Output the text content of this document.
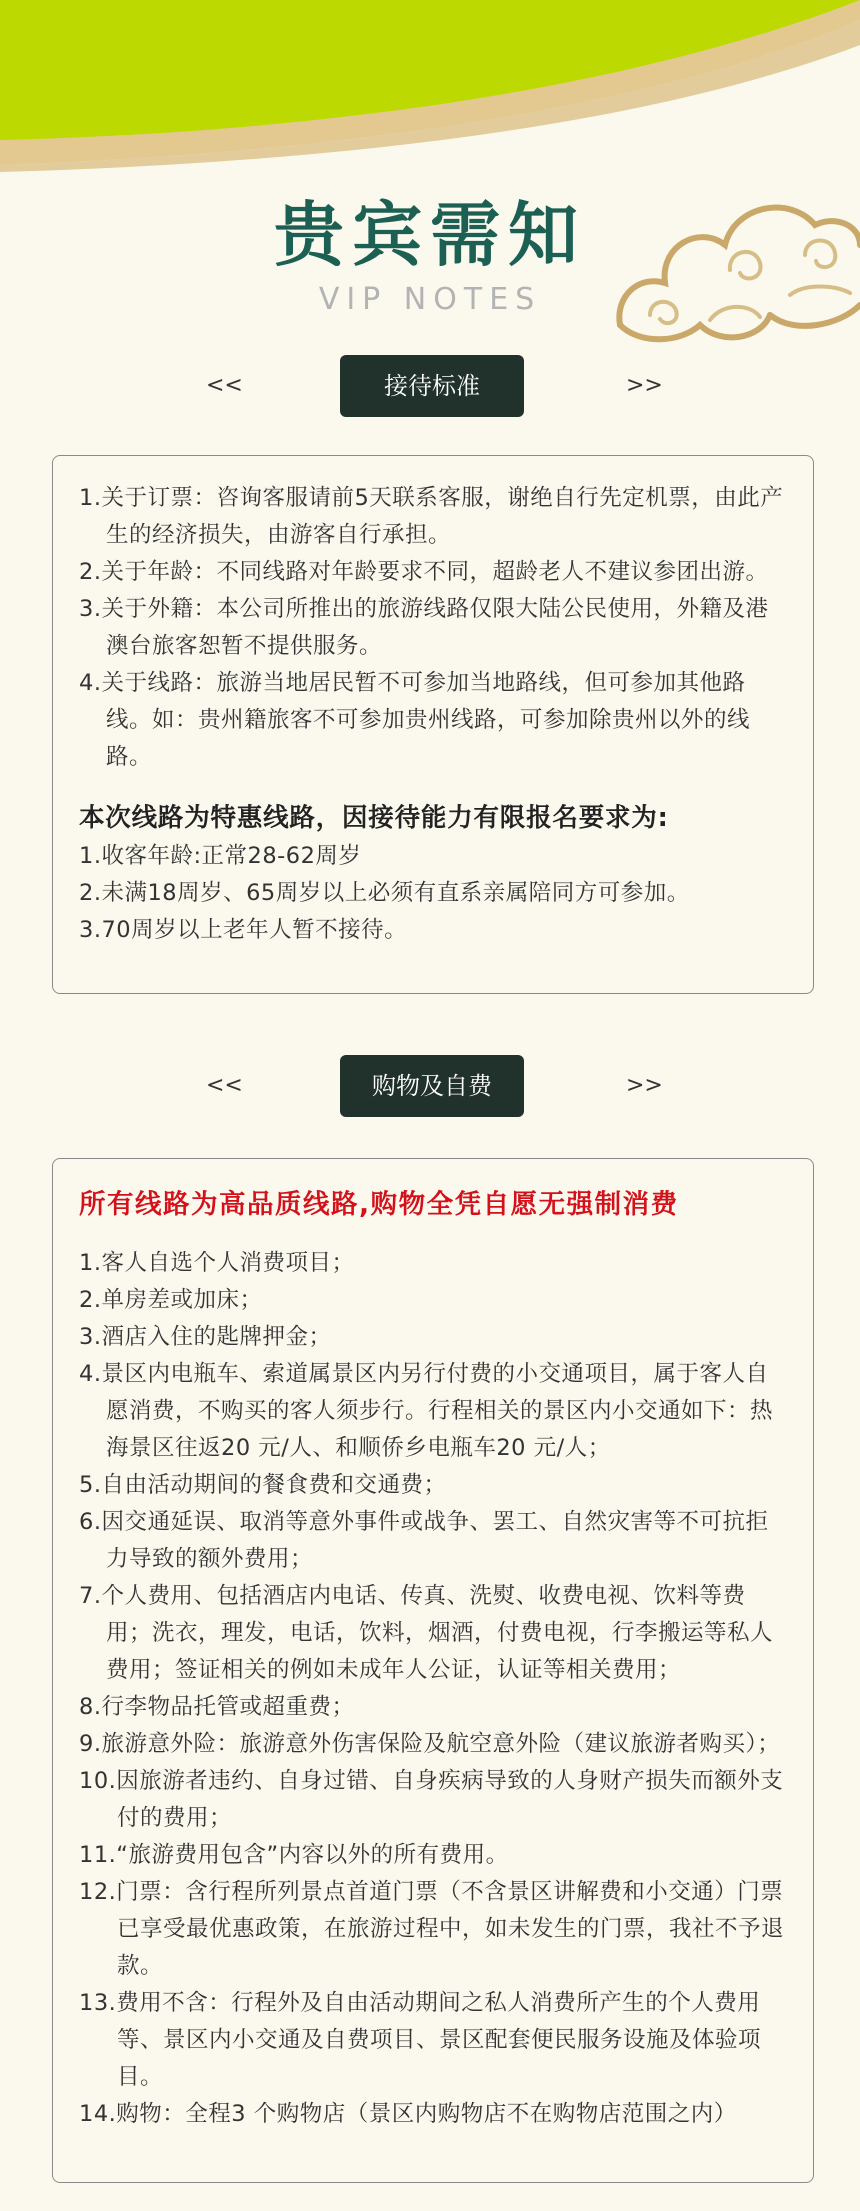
贵宾需知

VIP NOTES

<<	接待标准	>>

1.关于订票：咨询客服请前5天联系客服，谢绝自行先定机票，由此产生的经济损失，由游客自行承担。

2.关于年龄：不同线路对年龄要求不同，超龄老人不建议参团出游。

3.关于外籍：本公司所推出的旅游线路仅限大陆公民使用，外籍及港澳台旅客恕暂不提供服务。

4.关于线路：旅游当地居民暂不可参加当地路线，但可参加其他路线。如：贵州籍旅客不可参加贵州线路，可参加除贵州以外的线路。

本次线路为特惠线路，因接待能力有限报名要求为:

1.收客年龄:正常28-62周岁

2.未满18周岁、65周岁以上必须有直系亲属陪同方可参加。

3.70周岁以上老年人暂不接待。

<<	购物及自费	>>

所有线路为高品质线路,购物全凭自愿无强制消费

1.客人自选个人消费项目；

2.单房差或加床；

3.酒店入住的匙牌押金；

4.景区内电瓶车、索道属景区内另行付费的小交通项目，属于客人自愿消费，不购买的客人须步行。行程相关的景区内小交通如下：热海景区往返20 元/人、和顺侨乡电瓶车20 元/人；

5.自由活动期间的餐食费和交通费；

6.因交通延误、取消等意外事件或战争、罢工、自然灾害等不可抗拒力导致的额外费用；

7.个人费用、包括酒店内电话、传真、洗熨、收费电视、饮料等费用；洗衣，理发，电话，饮料，烟酒，付费电视，行李搬运等私人费用；签证相关的例如未成年人公证，认证等相关费用；

8.行李物品托管或超重费；

9.旅游意外险：旅游意外伤害保险及航空意外险（建议旅游者购买）；

10.因旅游者违约、自身过错、自身疾病导致的人身财产损失而额外支付的费用；

11.“旅游费用包含”内容以外的所有费用。

12.门票：含行程所列景点首道门票（不含景区讲解费和小交通）门票已享受最优惠政策，在旅游过程中，如未发生的门票，我社不予退款。

13.费用不含：行程外及自由活动期间之私人消费所产生的个人费用等、景区内小交通及自费项目、景区配套便民服务设施及体验项目。

14.购物：全程3 个购物店（景区内购物店不在购物店范围之内）
